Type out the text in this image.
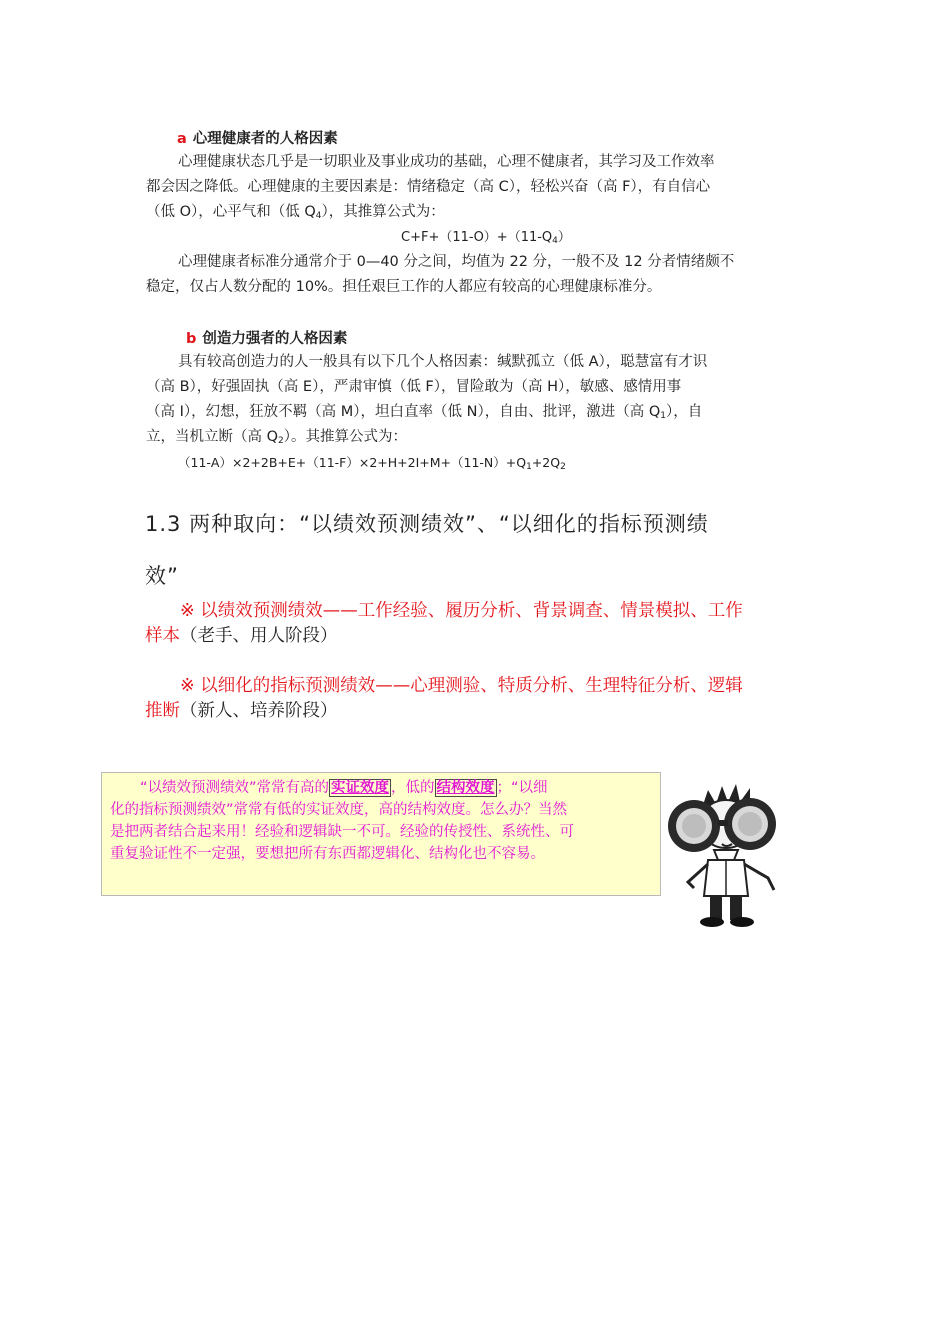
a 心理健康者的人格因素
心理健康状态几乎是一切职业及事业成功的基础，心理不健康者，其学习及工作效率
都会因之降低。心理健康的主要因素是：情绪稳定（高 C），轻松兴奋（高 F），有自信心
（低 O），心平气和（低 $Q_4$），其推算公式为：
$C+F+(11-O)+(11-Q_4)$
心理健康者标准分通常介于 0—40 分之间，均值为 22 分，一般不及 12 分者情绪颇不
稳定，仅占人数分配的 10%。担任艰巨工作的人都应有较高的心理健康标准分。
b 创造力强者的人格因素
具有较高创造力的人一般具有以下几个人格因素：缄默孤立（低 A），聪慧富有才识
（高 B），好强固执（高 E），严肃审慎（低 F），冒险敢为（高 H），敏感、感情用事
（高 I），幻想，狂放不羁（高 M），坦白直率（低 N），自由、批评，激进（高 $Q_1$），自
立，当机立断（高 $Q_2$）。其推算公式为：
$(11-A)\times 2+2B+E+(11-F)\times 2+H+2I+M+(11-N)+Q_1+2Q_2$
1.3 两种取向：“以绩效预测绩效”、“以细化的指标预测绩
效”
※ 以绩效预测绩效——工作经验、履历分析、背景调查、情景模拟、工作
样本（老手、用人阶段）
※ 以细化的指标预测绩效——心理测验、特质分析、生理特征分析、逻辑
推断（新人、培养阶段）
“以绩效预测绩效”常常有高的 实证效度 ，低的 结构效度 ；“以细
化的指标预测绩效”常常有低的实证效度，高的结构效度。怎么办？当然
是把两者结合起来用！经验和逻辑缺一不可。经验的传授性、系统性、可
重复验证性不一定强，要想把所有东西都逻辑化、结构化也不容易。
